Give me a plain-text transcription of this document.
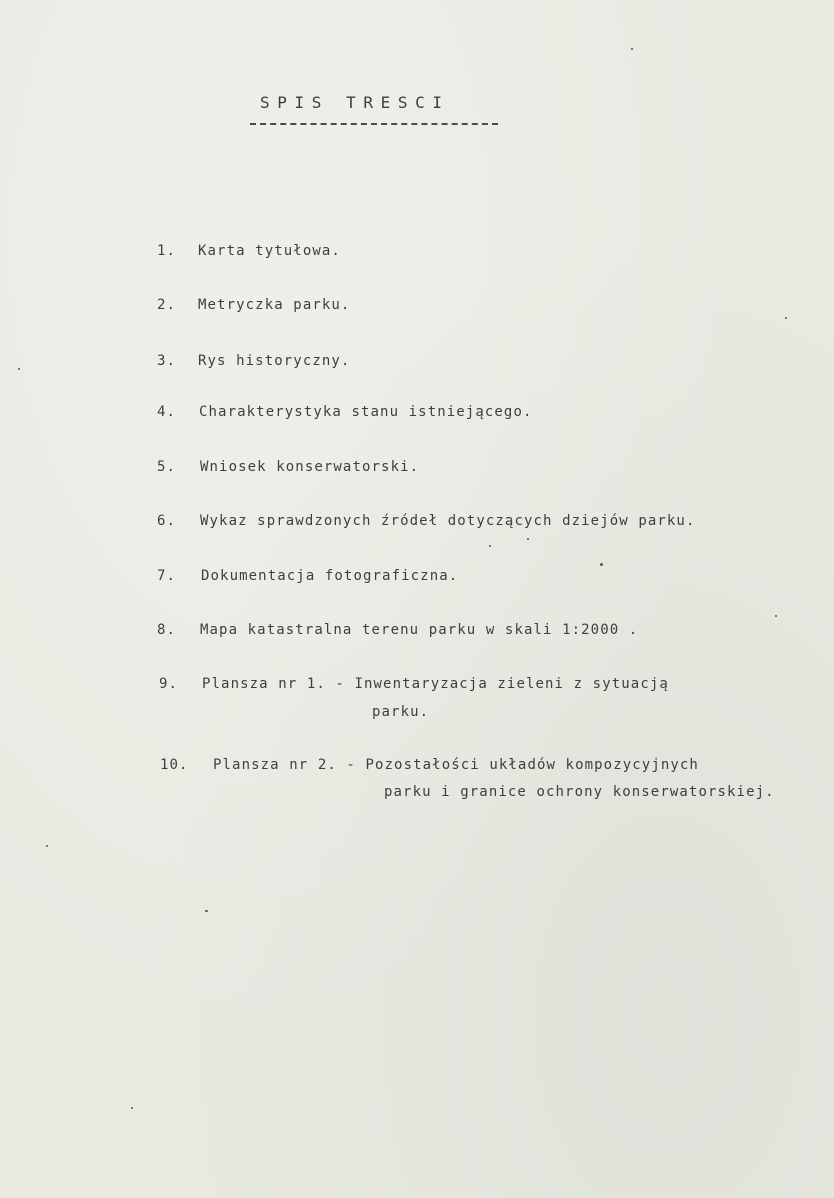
SPIS TRESCI
1. Karta tytułowa.
2. Metryczka parku.
3. Rys historyczny.
4. Charakterystyka stanu istniejącego.
5. Wniosek konserwatorski.
6. Wykaz sprawdzonych źródeł dotyczących dziejów parku.
7. Dokumentacja fotograficzna.
8. Mapa katastralna terenu parku w skali 1:2000 .
9. Plansza nr 1. - Inwentaryzacja zieleni z sytuacją
parku.
10. Plansza nr 2. - Pozostałości układów kompozycyjnych
parku i granice ochrony konserwatorskiej.
